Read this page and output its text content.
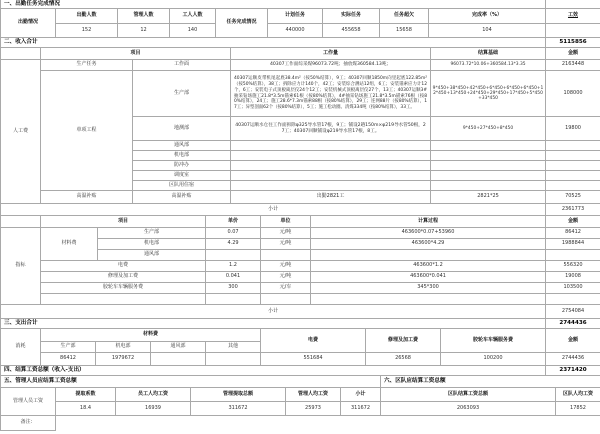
一、出勤任务完成情况	
出勤情况	出勤人数	管理人数	工人人数	任务完成情况	计划任务	实际任务	任务超欠	完成率（%）	工效
	152	12	140		440000	455658	15658	104	
二、收入合计	5115856
	项目		工作量	结算基础	金额
人工费	生产任务	工作面	40307工作面综采煤96073.72吨；抽放煤360584.13吨；	96073.72*10.06+360584.13*3.35	2163448
	单项工程	生产部	40307运顺皮带机尾起底38.4m²（按50%结算），9工；40307回顺1850m向里起底122.85m²（按50%结算），38工；拆除应力计140个，42工；安装综合测站12组，6工；安装锚索应力计12个，6工；安装电子式顶板离层仪24个12工；安装机械式顶板离层仪27个，13工；40307运顺3#抽采钻场施工21.8*3.5m锚索61根（按80%结算），4#抽采钻场施工21.8*3.5m锚索76根（按80%结算），24工；施工28.6*7.3m锚索88根（按80%结算），29工；连网88片（按80%结算），17工；异型剖面62个（按80%结算），5工；施工松动圈。清煤334吨（按80%结算），33工。	9*450+38*450+42*450+6*450+6*450+6*450+12*450+13*450+24*450+29*450+17*450+5*450+33*450	108000
		地测部	40307运顺水仓往工作面拆除φ325导水管17根，9工；铺设2趟150m×φ219导水管50根，27工；40307回顺铺设φ219导水管17根，8工。	9*450+27*450+8*450	19800
		通风部			
		机电部			
		防冲办			
		调度室			
		区队用住宿			
	高温补贴	高温补贴	出勤2821工	2821*25	70525
小计					2361773
	项目		单价	单位	计算过程	金额
指标	材料费	生产部	0.07	元/吨	463600*0.07+53960	86412
		机电部	4.29	元/吨	463600*4.29	1988844
		通风部				
	电费		1.2	元/吨	463600*1.2	556320
	修理及加工费		0.041	元/吨	463600*0.041	19008
	胶轮车车辆服务费		300	元/车	345*300	103500

小计						2754084
三、支出合计	2744436
消耗	材料费				电费	修理及加工费	胶轮车车辆服务费	金额
	生产部	机电部	通风部	其他				
	86412	1979672			551684	26568	100200	2744436
四、结算工资总额（收入-支出）	2371420
五、管理人员应结算工资总额	六、区队应结算工资总额
管理人员工资	提取系数	员工人均工资	管理提取总额	管理人均工资	小计	区队结算工资总额	区队人均工资
	18.4	16939	311672	25973	311672	2063093	17852
备注：	
